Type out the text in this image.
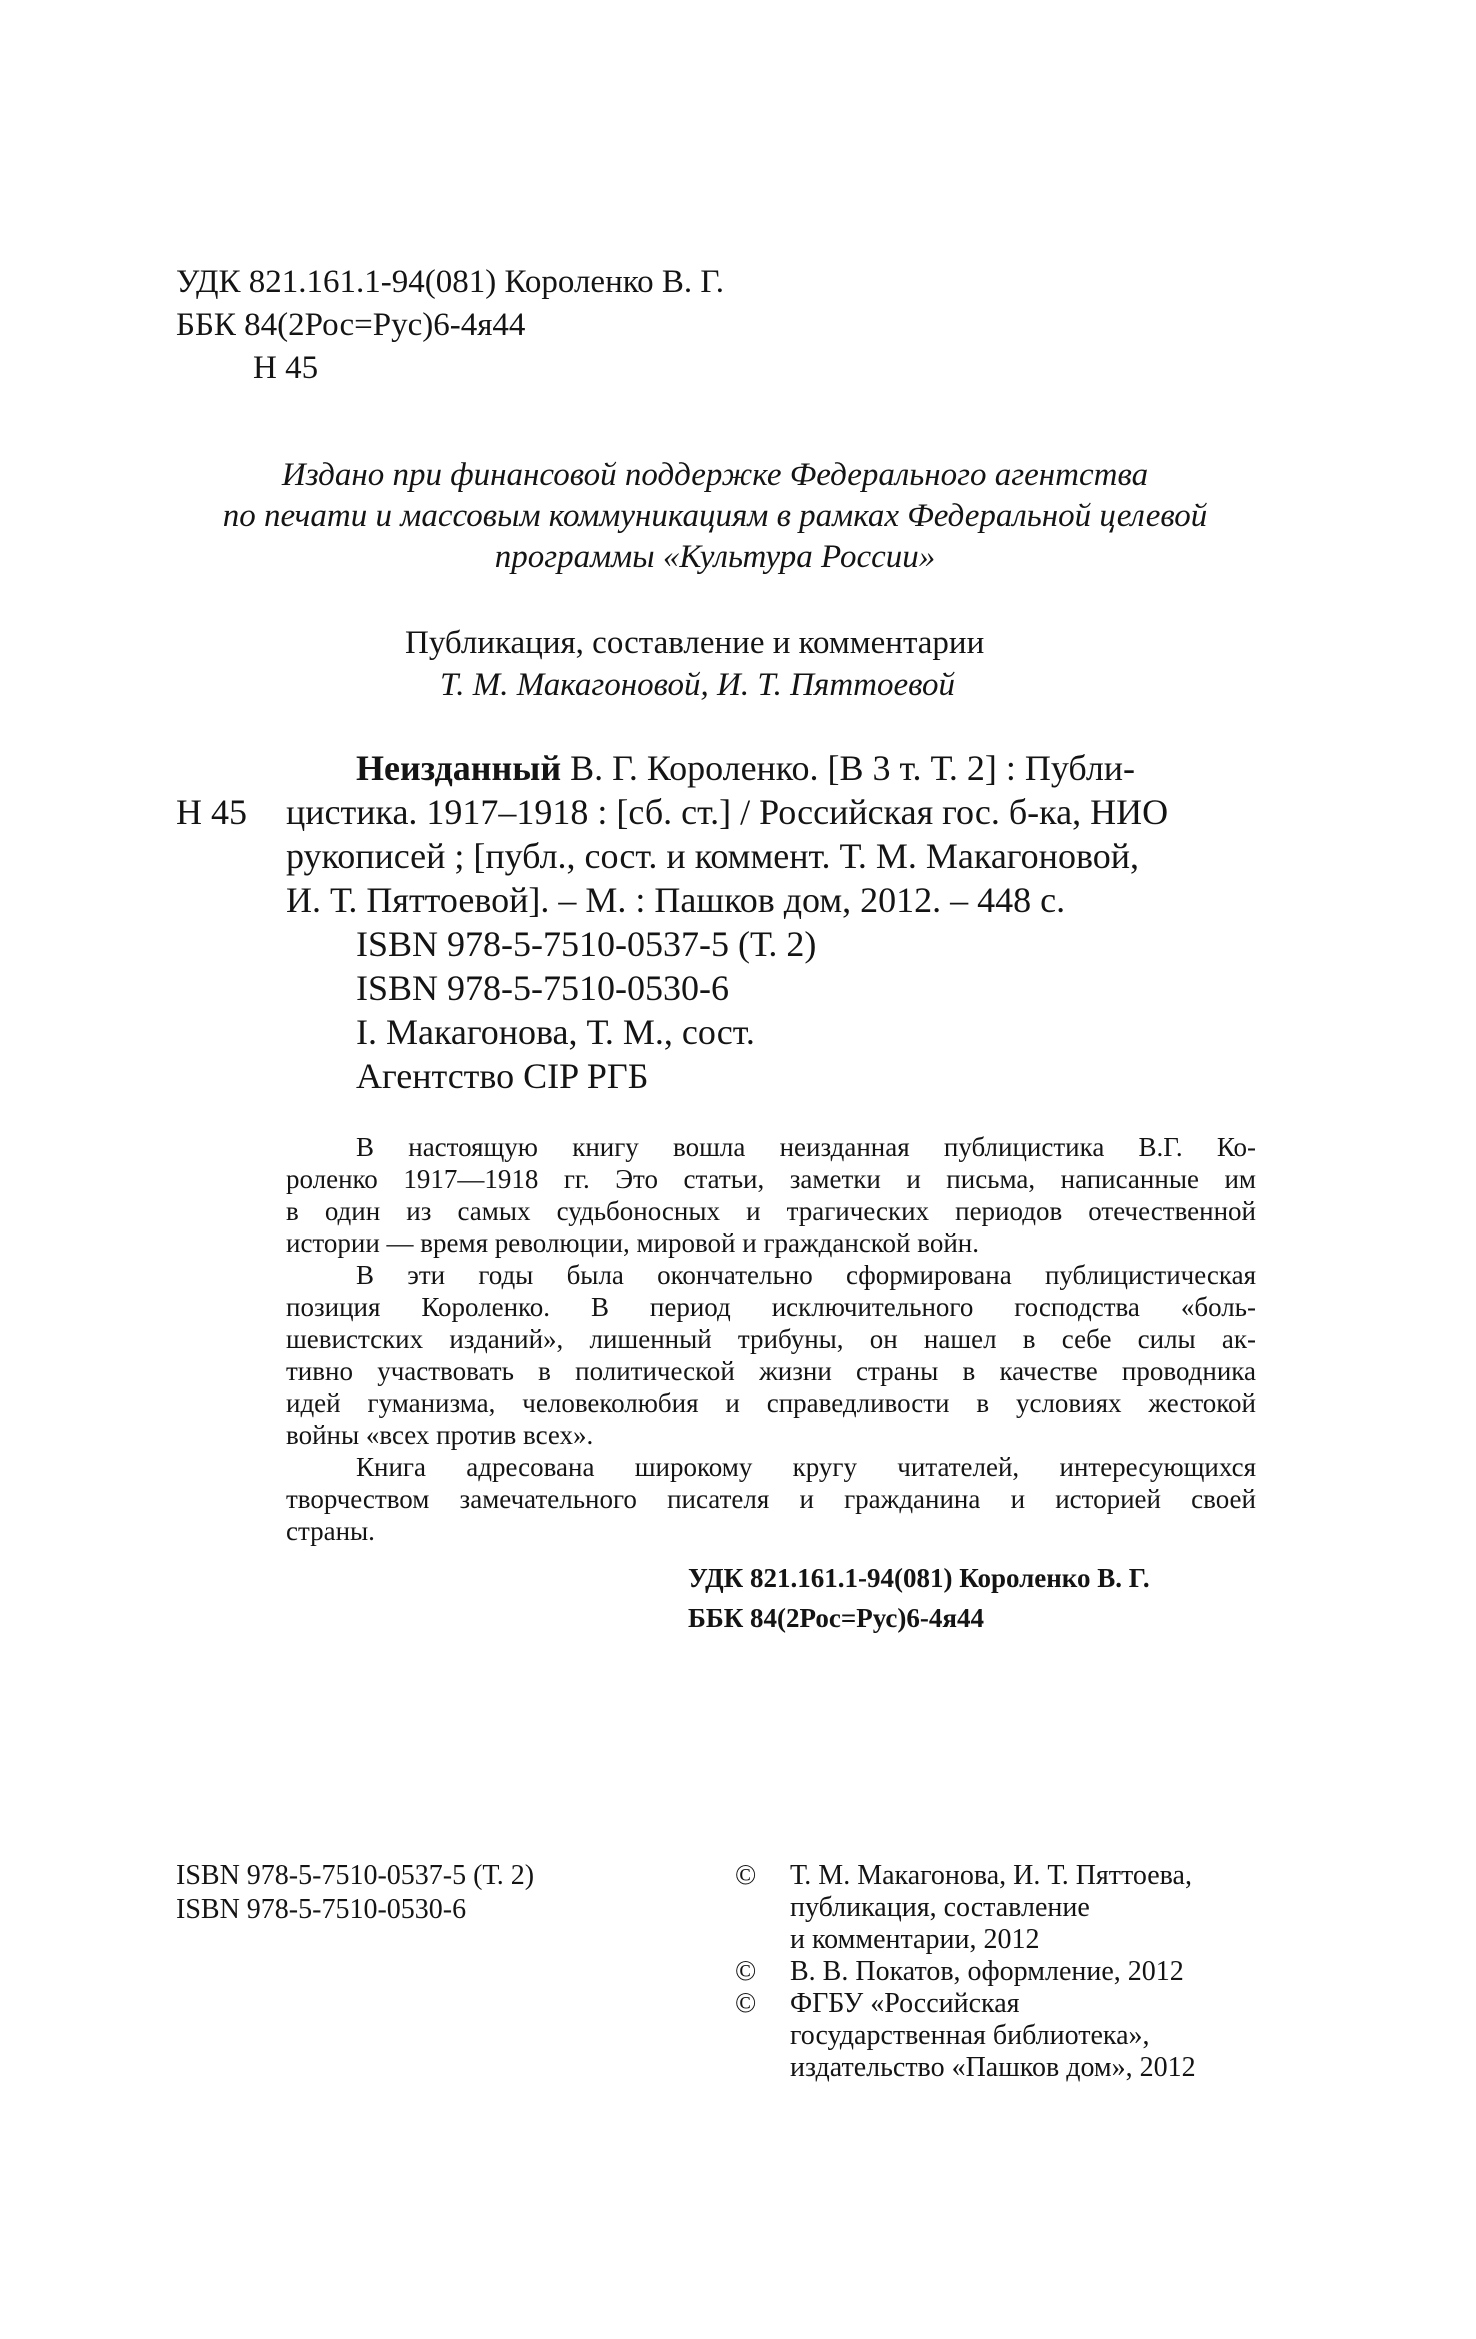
УДК 821.161.1-94(081) Короленко В. Г.
ББК 84(2Рос=Рус)6-4я44
Н 45
Издано при финансовой поддержке Федерального агентства
по печати и массовым коммуникациям в рамках Федеральной целевой
программы «Культура России»
Публикация, составление и комментарии
Т. М. Макагоновой, И. Т. Пяттоевой
Неизданный В. Г. Короленко. [В 3 т. Т. 2] : Публи-
Н 45 цистика. 1917–1918 : [сб. ст.] / Российская гос. б-ка, НИО
рукописей ; [публ., сост. и коммент. Т. М. Макагоновой,
И. Т. Пяттоевой]. – М. : Пашков дом, 2012. – 448 с.
ISBN 978-5-7510-0537-5 (Т. 2)
ISBN 978-5-7510-0530-6
I. Макагонова, Т. М., сост.
Агентство CIP РГБ
В настоящую книгу вошла неизданная публицистика В.Г. Ко-
роленко 1917—1918 гг. Это статьи, заметки и письма, написанные им
в один из самых судьбоносных и трагических периодов отечественной
истории — время революции, мировой и гражданской войн.
В эти годы была окончательно сформирована публицистическая
позиция Короленко. В период исключительного господства «боль-
шевистских изданий», лишенный трибуны, он нашел в себе силы ак-
тивно участвовать в политической жизни страны в качестве проводника
идей гуманизма, человеколюбия и справедливости в условиях жестокой
войны «всех против всех».
Книга адресована широкому кругу читателей, интересующихся
творчеством замечательного писателя и гражданина и историей своей
страны.
УДК 821.161.1-94(081) Короленко В. Г.
ББК 84(2Рос=Рус)6-4я44
ISBN 978-5-7510-0537-5 (Т. 2)
ISBN 978-5-7510-0530-6
© Т. М. Макагонова, И. Т. Пяттоева,
публикация, составление
и комментарии, 2012
© В. В. Покатов, оформление, 2012
© ФГБУ «Российская
государственная библиотека»,
издательство «Пашков дом», 2012
